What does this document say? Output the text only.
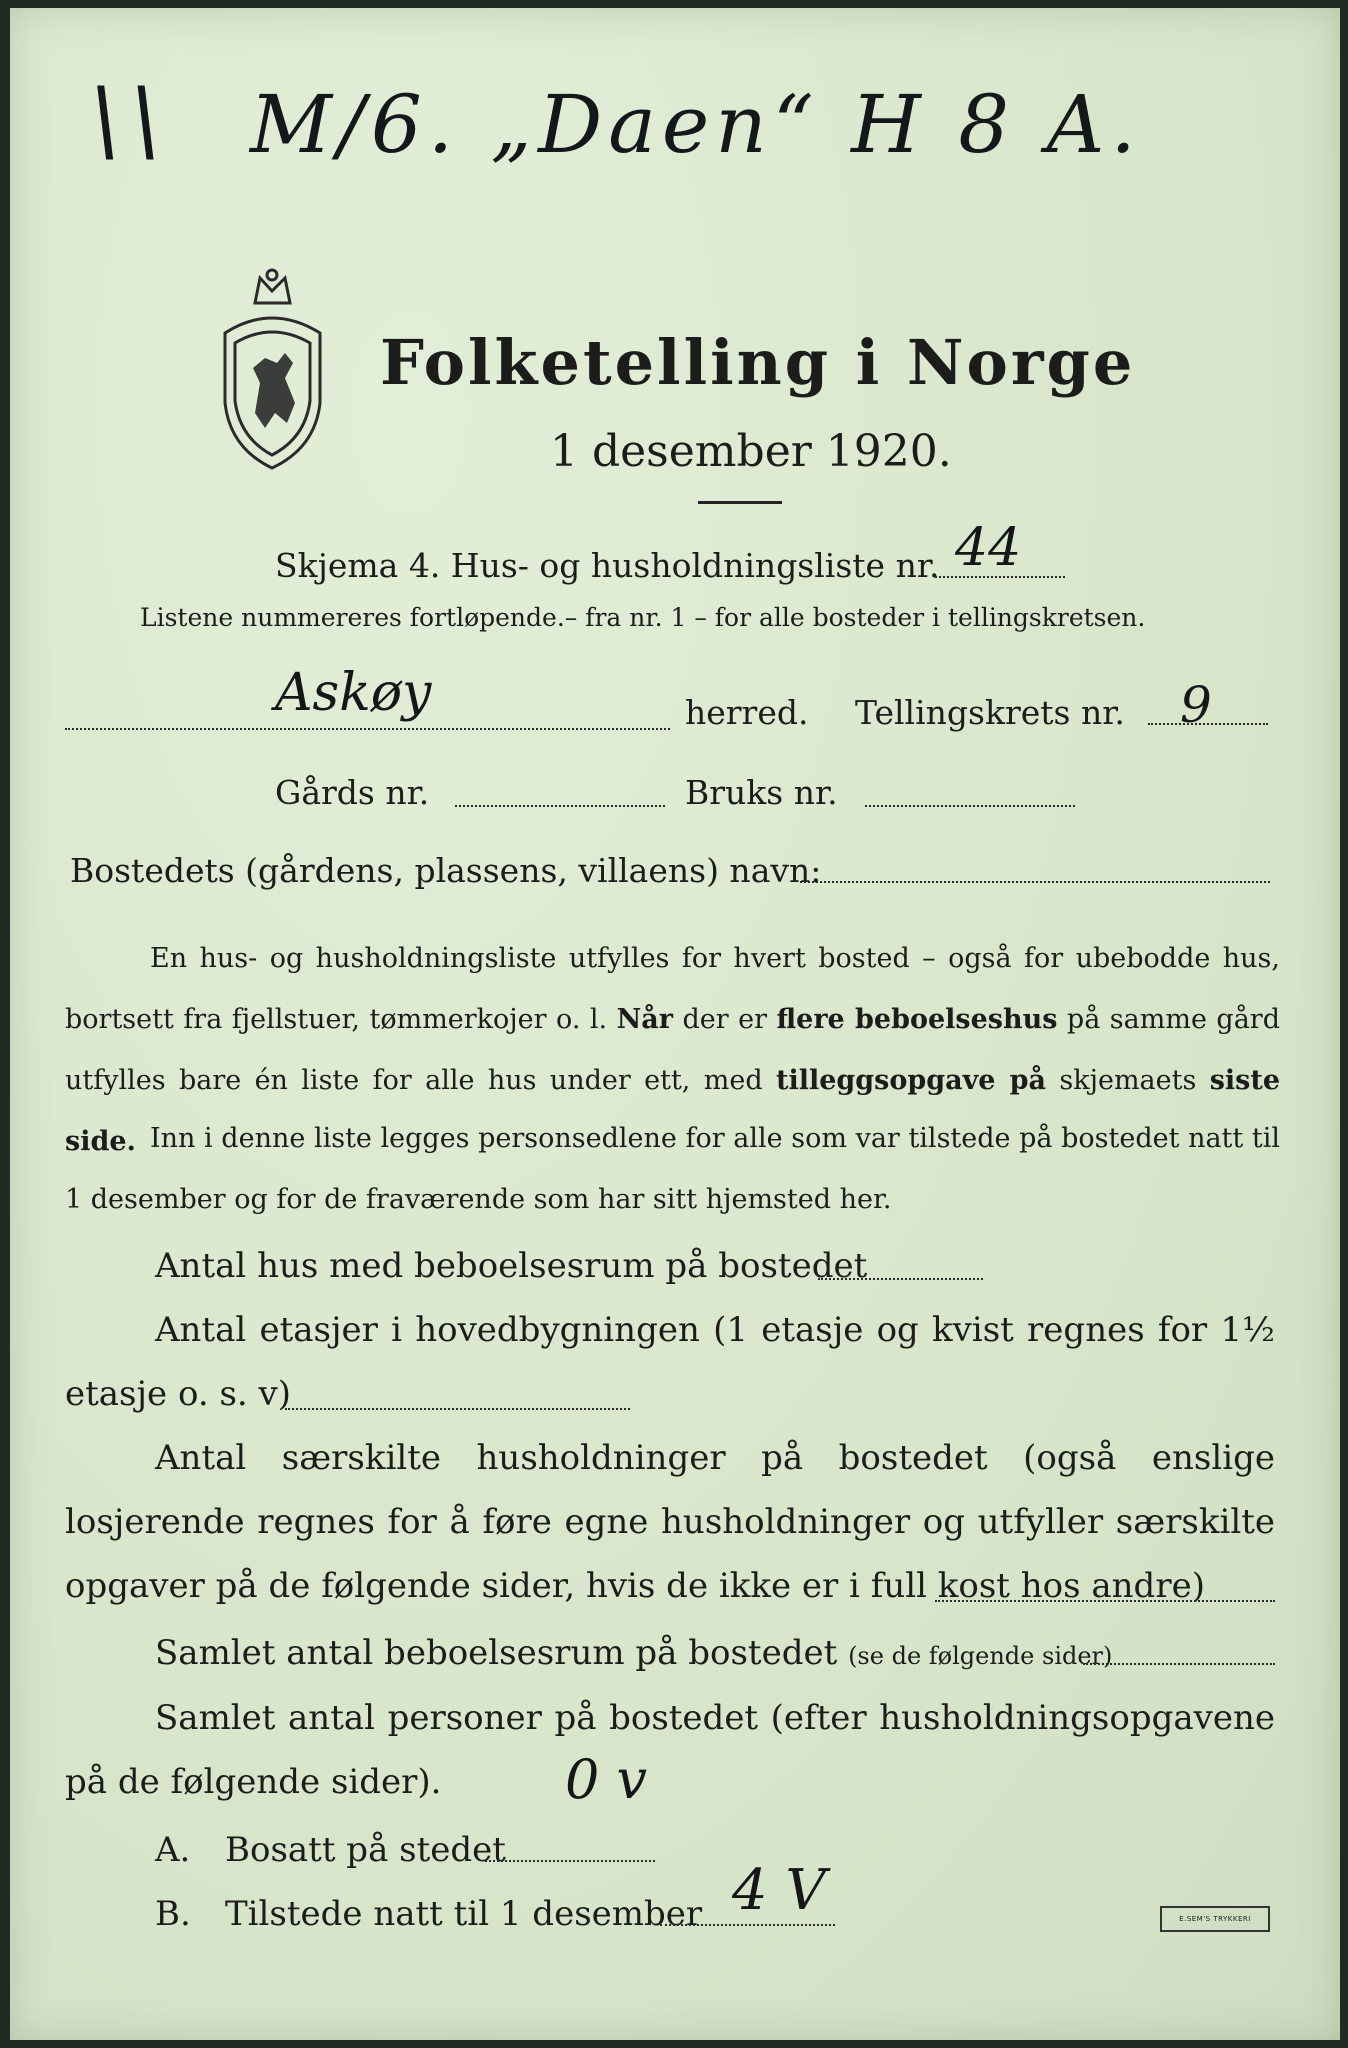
\\ M/6. „Daen“ H 8 A.
Folketelling i Norge
1 desember 1920.
Skjema 4. Hus- og husholdningsliste nr. 44
Listene nummereres fortløpende.– fra nr. 1 – for alle bosteder i tellingskretsen.
Askøy	herred. Tellingskrets nr. 9
Gårds nr.	Bruks nr.
Bostedets (gårdens, plassens, villaens) navn:
En hus- og husholdningsliste utfylles for hvert bosted – også for ubebodde hus, bortsett fra fjellstuer, tømmerkojer o. l. Når der er flere beboelseshus på samme gård utfylles bare én liste for alle hus under ett, med tilleggsopgave på skjemaets siste side. Inn i denne liste legges personsedlene for alle som var tilstede på bostedet natt til 1 desember og for de fraværende som har sitt hjemsted her.
Antal hus med beboelsesrum på bostedet
Antal etasjer i hovedbygningen (1 etasje og kvist regnes for 1½ etasje o. s. v)
Antal særskilte husholdninger på bostedet (også enslige losjerende regnes for å føre egne husholdninger og utfyller særskilte opgaver på de følgende sider, hvis de ikke er i full kost hos andre)
Samlet antal beboelsesrum på bostedet (se de følgende sider)
Samlet antal personer på bostedet (efter husholdningsopgavene på de følgende sider).	0 v
A. Bosatt på stedet
B. Tilstede natt til 1 desember 4 V	E.SEM'S TRYKKERI
